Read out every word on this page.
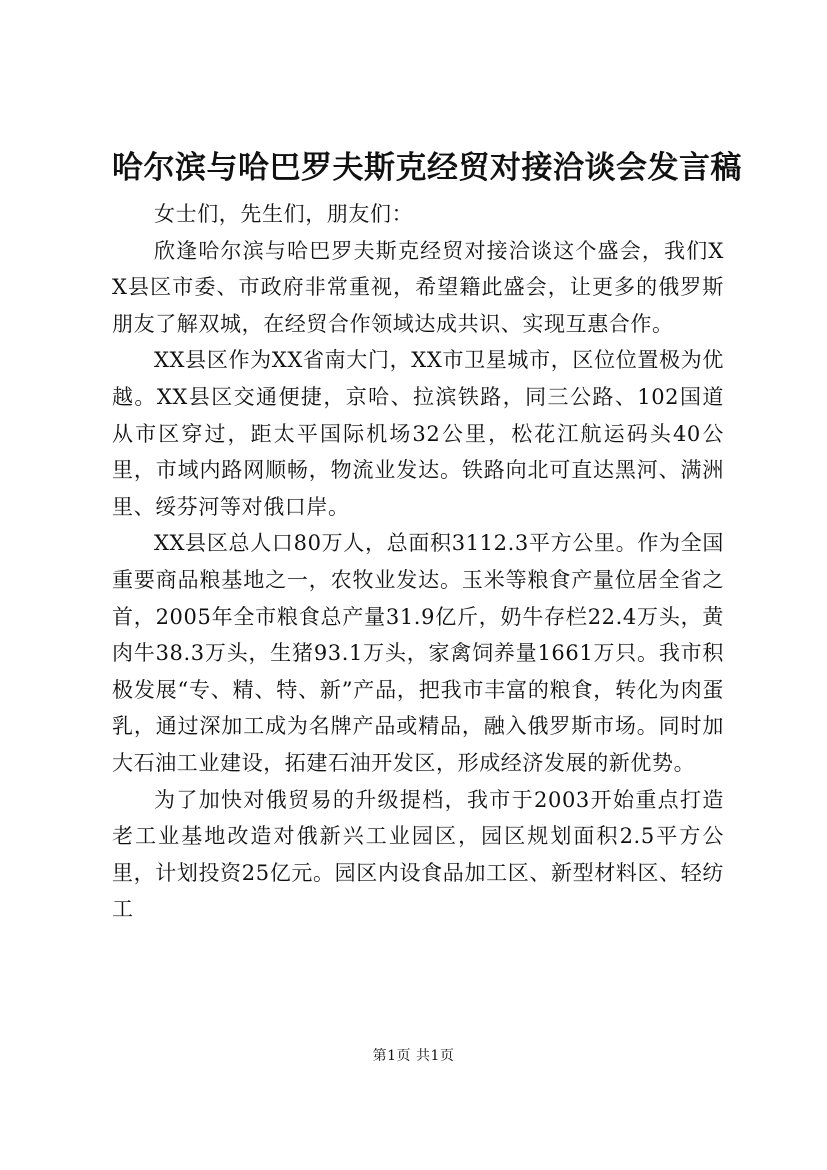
哈尔滨与哈巴罗夫斯克经贸对接洽谈会发言稿

女士们，先生们，朋友们：

欣逢哈尔滨与哈巴罗夫斯克经贸对接洽谈这个盛会，我们XX县区市委、市政府非常重视，希望籍此盛会，让更多的俄罗斯朋友了解双城，在经贸合作领域达成共识、实现互惠合作。

XX县区作为XX省南大门，XX市卫星城市，区位位置极为优越。XX县区交通便捷，京哈、拉滨铁路，同三公路、102国道从市区穿过，距太平国际机场32公里，松花江航运码头40公里，市域内路网顺畅，物流业发达。铁路向北可直达黑河、满洲里、绥芬河等对俄口岸。

XX县区总人口80万人，总面积3112.3平方公里。作为全国重要商品粮基地之一，农牧业发达。玉米等粮食产量位居全省之首，2005年全市粮食总产量31.9亿斤，奶牛存栏22.4万头，黄肉牛38.3万头，生猪93.1万头，家禽饲养量1661万只。我市积极发展“专、精、特、新”产品，把我市丰富的粮食，转化为肉蛋乳，通过深加工成为名牌产品或精品，融入俄罗斯市场。同时加大石油工业建设，拓建石油开发区，形成经济发展的新优势。

为了加快对俄贸易的升级提档，我市于2003开始重点打造老工业基地改造对俄新兴工业园区，园区规划面积2.5平方公里，计划投资25亿元。园区内设食品加工区、新型材料区、轻纺工

第1页 共1页
